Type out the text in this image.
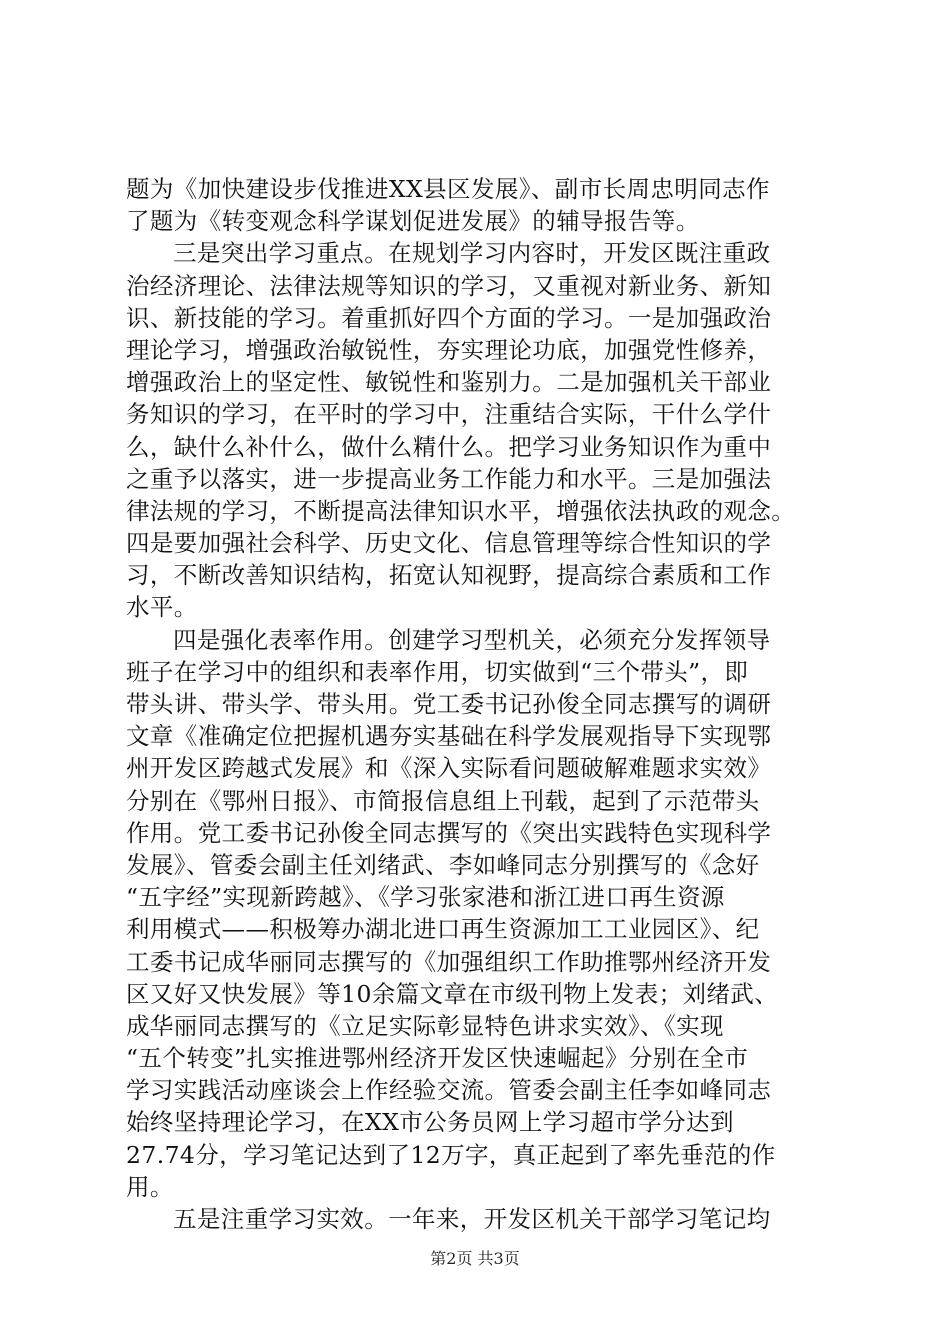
题为《加快建设步伐推进XX县区发展》、副市长周忠明同志作
了题为《转变观念科学谋划促进发展》的辅导报告等。
三是突出学习重点。在规划学习内容时，开发区既注重政
治经济理论、法律法规等知识的学习，又重视对新业务、新知
识、新技能的学习。着重抓好四个方面的学习。一是加强政治
理论学习，增强政治敏锐性，夯实理论功底，加强党性修养，
增强政治上的坚定性、敏锐性和鉴别力。二是加强机关干部业
务知识的学习，在平时的学习中，注重结合实际，干什么学什
么，缺什么补什么，做什么精什么。把学习业务知识作为重中
之重予以落实，进一步提高业务工作能力和水平。三是加强法
律法规的学习，不断提高法律知识水平，增强依法执政的观念。
四是要加强社会科学、历史文化、信息管理等综合性知识的学
习，不断改善知识结构，拓宽认知视野，提高综合素质和工作
水平。
四是强化表率作用。创建学习型机关，必须充分发挥领导
班子在学习中的组织和表率作用，切实做到“三个带头”，即
带头讲、带头学、带头用。党工委书记孙俊全同志撰写的调研
文章《准确定位把握机遇夯实基础在科学发展观指导下实现鄂
州开发区跨越式发展》和《深入实际看问题破解难题求实效》
分别在《鄂州日报》、市简报信息组上刊载，起到了示范带头
作用。党工委书记孙俊全同志撰写的《突出实践特色实现科学
发展》、管委会副主任刘绪武、李如峰同志分别撰写的《念好
“五字经”实现新跨越》、《学习张家港和浙江进口再生资源
利用模式——积极筹办湖北进口再生资源加工工业园区》、纪
工委书记成华丽同志撰写的《加强组织工作助推鄂州经济开发
区又好又快发展》等10余篇文章在市级刊物上发表；刘绪武、
成华丽同志撰写的《立足实际彰显特色讲求实效》、《实现
“五个转变”扎实推进鄂州经济开发区快速崛起》分别在全市
学习实践活动座谈会上作经验交流。管委会副主任李如峰同志
始终坚持理论学习，在XX市公务员网上学习超市学分达到
27.74分，学习笔记达到了12万字，真正起到了率先垂范的作
用。
五是注重学习实效。一年来，开发区机关干部学习笔记均
第2页 共3页
